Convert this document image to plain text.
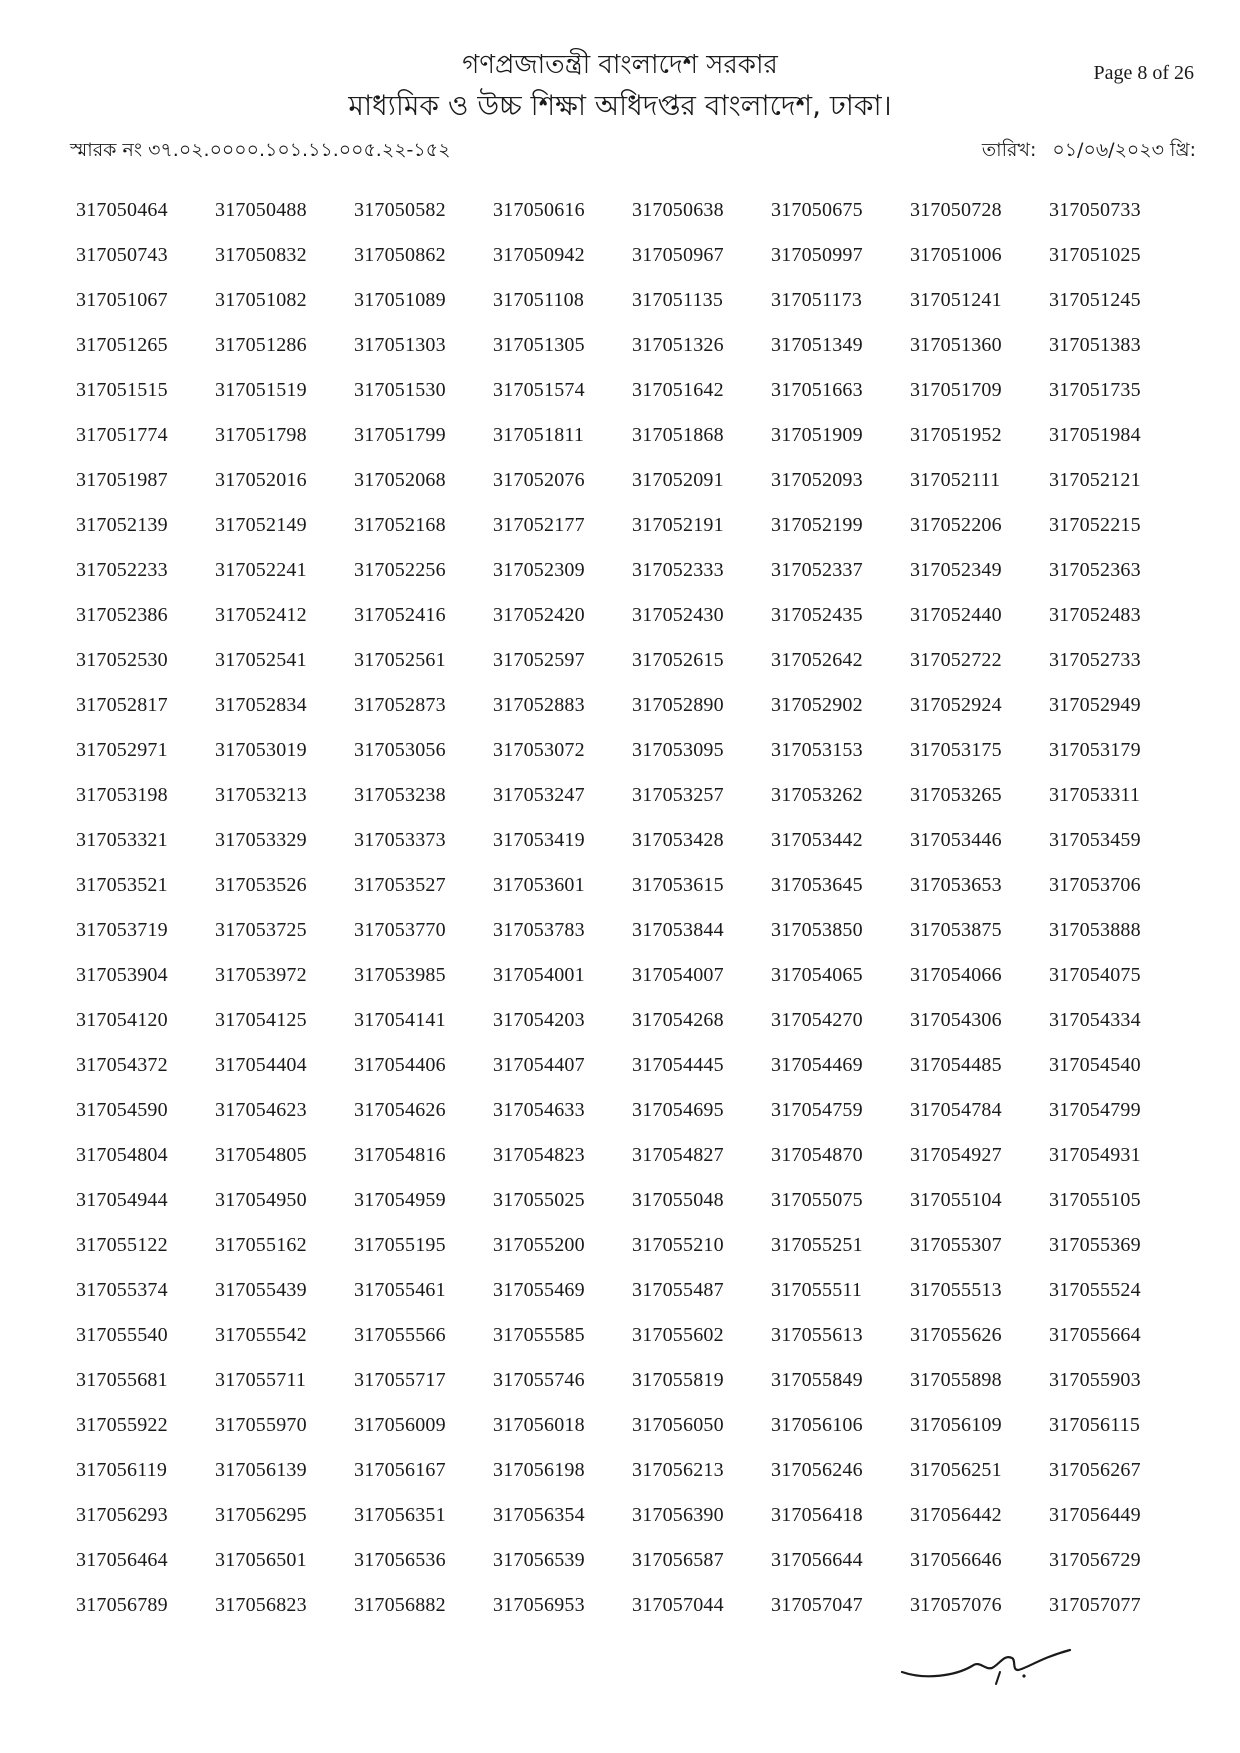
গণপ্রজাতন্ত্রী বাংলাদেশ সরকার
মাধ্যমিক ও উচ্চ শিক্ষা অধিদপ্তর বাংলাদেশ, ঢাকা।
Page 8 of 26
স্মারক নং ৩৭.০২.০০০০.১০১.১১.০০৫.২২-১৫২	তারিখ: ০১/০৬/২০২৩ খ্রি:
317050464	317050488	317050582	317050616	317050638	317050675	317050728	317050733
317050743	317050832	317050862	317050942	317050967	317050997	317051006	317051025
317051067	317051082	317051089	317051108	317051135	317051173	317051241	317051245
317051265	317051286	317051303	317051305	317051326	317051349	317051360	317051383
317051515	317051519	317051530	317051574	317051642	317051663	317051709	317051735
317051774	317051798	317051799	317051811	317051868	317051909	317051952	317051984
317051987	317052016	317052068	317052076	317052091	317052093	317052111	317052121
317052139	317052149	317052168	317052177	317052191	317052199	317052206	317052215
317052233	317052241	317052256	317052309	317052333	317052337	317052349	317052363
317052386	317052412	317052416	317052420	317052430	317052435	317052440	317052483
317052530	317052541	317052561	317052597	317052615	317052642	317052722	317052733
317052817	317052834	317052873	317052883	317052890	317052902	317052924	317052949
317052971	317053019	317053056	317053072	317053095	317053153	317053175	317053179
317053198	317053213	317053238	317053247	317053257	317053262	317053265	317053311
317053321	317053329	317053373	317053419	317053428	317053442	317053446	317053459
317053521	317053526	317053527	317053601	317053615	317053645	317053653	317053706
317053719	317053725	317053770	317053783	317053844	317053850	317053875	317053888
317053904	317053972	317053985	317054001	317054007	317054065	317054066	317054075
317054120	317054125	317054141	317054203	317054268	317054270	317054306	317054334
317054372	317054404	317054406	317054407	317054445	317054469	317054485	317054540
317054590	317054623	317054626	317054633	317054695	317054759	317054784	317054799
317054804	317054805	317054816	317054823	317054827	317054870	317054927	317054931
317054944	317054950	317054959	317055025	317055048	317055075	317055104	317055105
317055122	317055162	317055195	317055200	317055210	317055251	317055307	317055369
317055374	317055439	317055461	317055469	317055487	317055511	317055513	317055524
317055540	317055542	317055566	317055585	317055602	317055613	317055626	317055664
317055681	317055711	317055717	317055746	317055819	317055849	317055898	317055903
317055922	317055970	317056009	317056018	317056050	317056106	317056109	317056115
317056119	317056139	317056167	317056198	317056213	317056246	317056251	317056267
317056293	317056295	317056351	317056354	317056390	317056418	317056442	317056449
317056464	317056501	317056536	317056539	317056587	317056644	317056646	317056729
317056789	317056823	317056882	317056953	317057044	317057047	317057076	317057077
